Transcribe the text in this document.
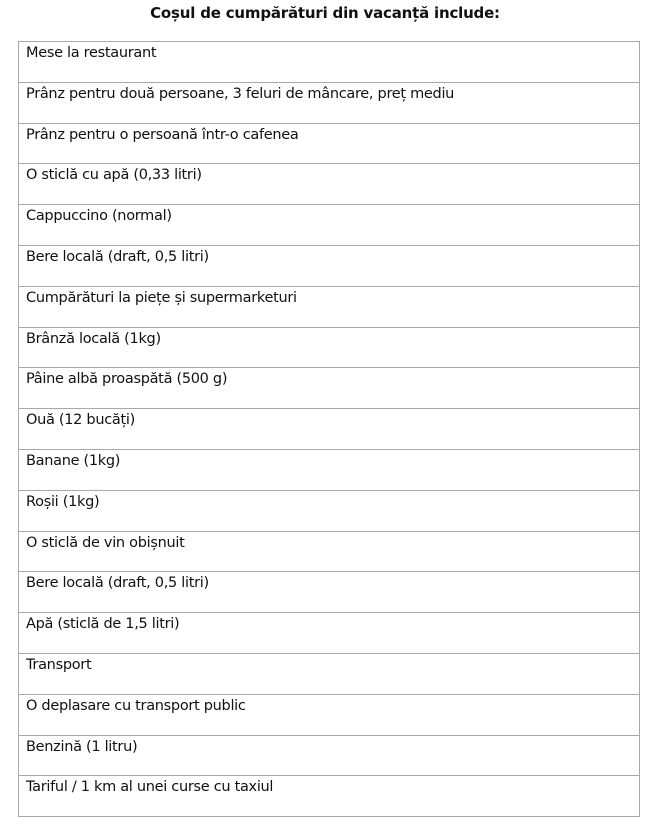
Coșul de cumpărături din vacanță include:
Mese la restaurant

Prânz pentru două persoane, 3 feluri de mâncare, preț mediu

Prânz pentru o persoană într-o cafenea

O sticlă cu apă (0,33 litri)

Cappuccino (normal)

Bere locală (draft, 0,5 litri)

Cumpărături la piețe și supermarketuri

Brânză locală (1kg)

Pâine albă proaspătă (500 g)

Ouă (12 bucăți)

Banane (1kg)

Roșii (1kg)

O sticlă de vin obișnuit

Bere locală (draft, 0,5 litri)

Apă (sticlă de 1,5 litri)

Transport

O deplasare cu transport public

Benzină (1 litru)

Tariful / 1 km al unei curse cu taxiul
